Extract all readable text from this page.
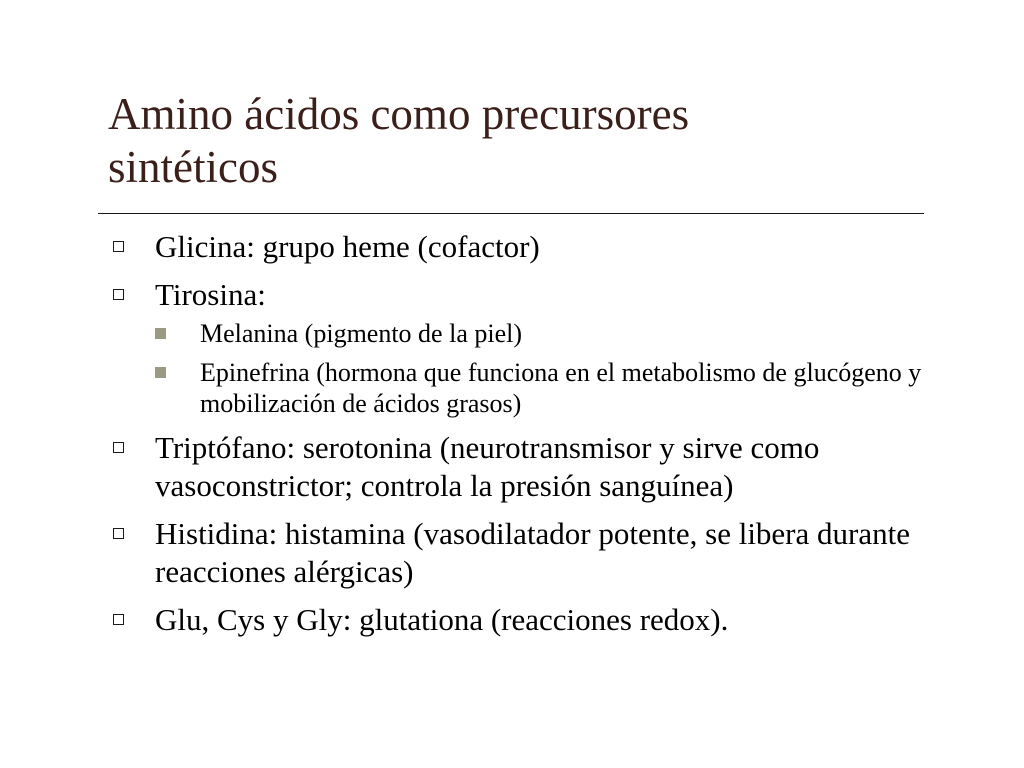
Amino ácidos como precursores
sintéticos
Glicina: grupo heme (cofactor)
Tirosina:
Melanina (pigmento de la piel)
Epinefrina (hormona que funciona en el metabolismo de glucógeno y mobilización de ácidos grasos)
Triptófano: serotonina (neurotransmisor y sirve como vasoconstrictor; controla la presión sanguínea)
Histidina: histamina (vasodilatador potente, se libera durante reacciones alérgicas)
Glu, Cys y Gly: glutationa (reacciones redox).
